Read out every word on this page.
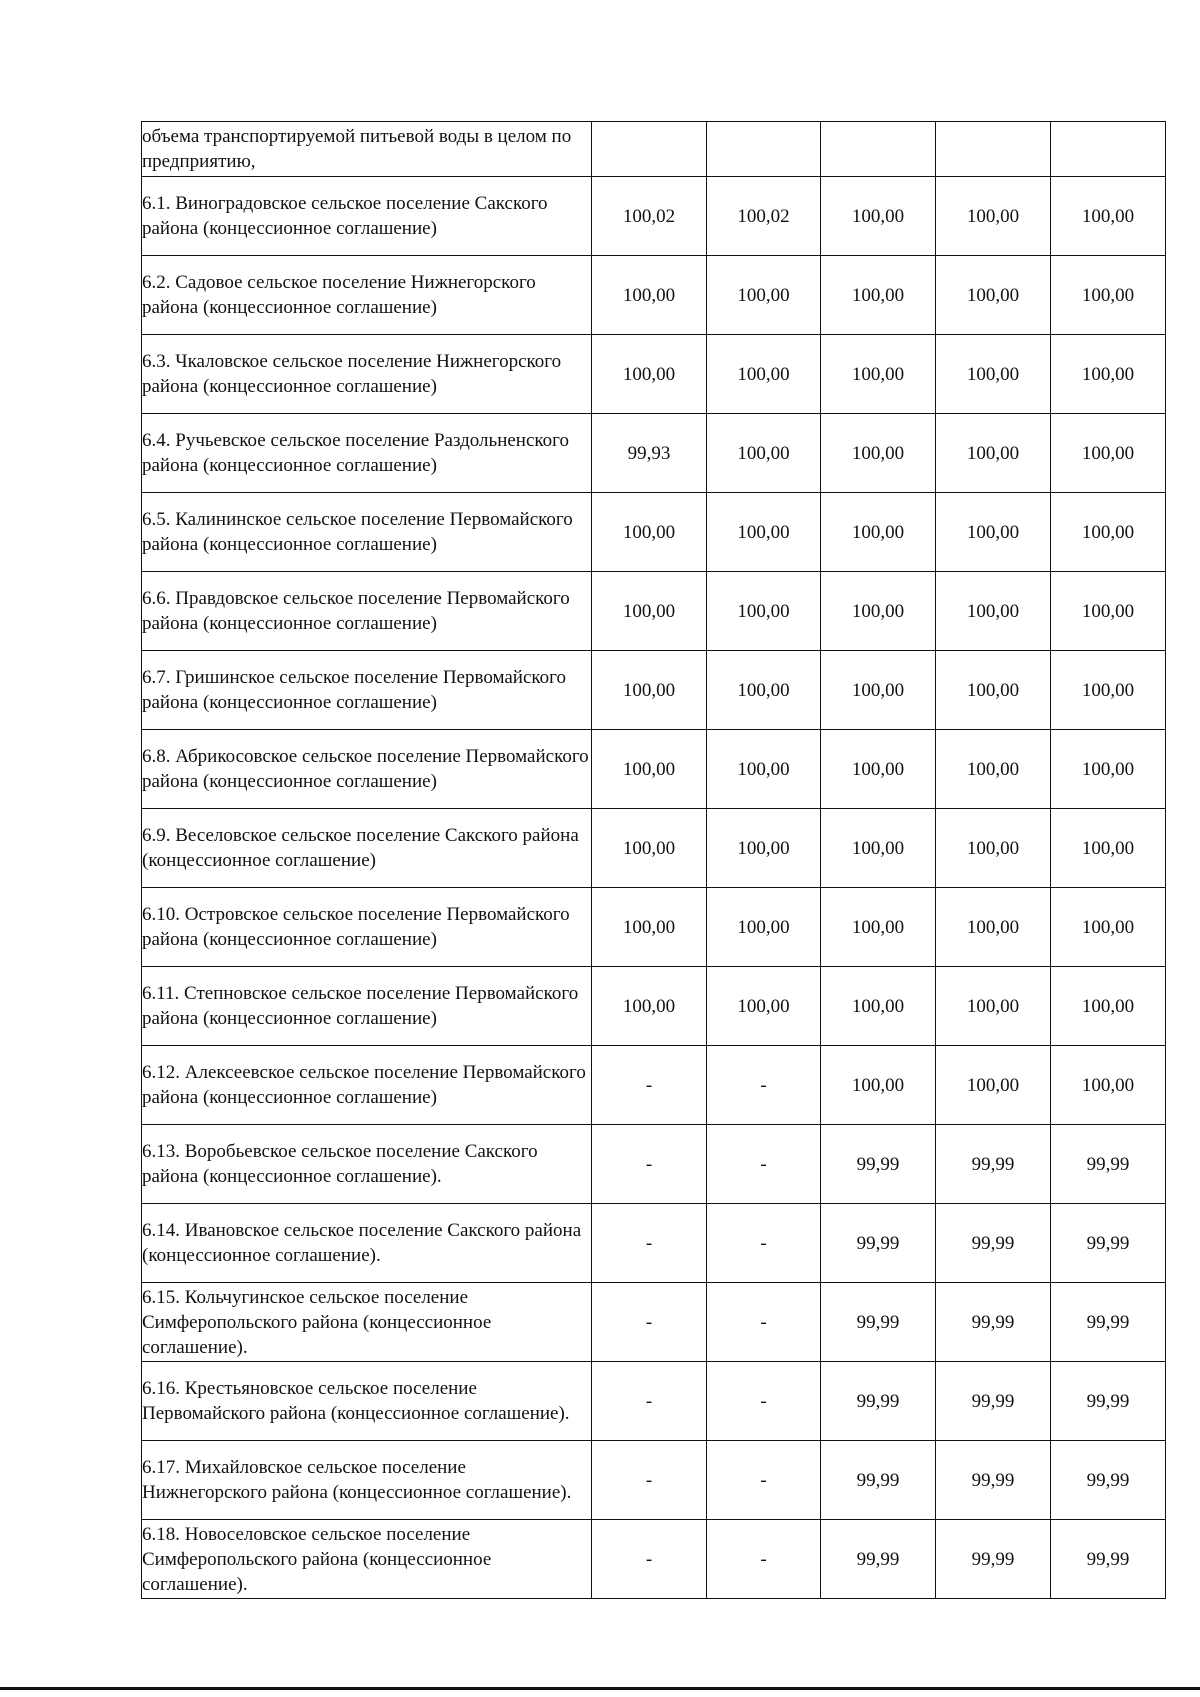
объема транспортируемой питьевой воды в целом по предприятию,					
6.1. Виноградовское сельское поселение Сакского района (концессионное соглашение)	100,02	100,02	100,00	100,00	100,00
6.2. Садовое сельское поселение Нижнегорского района (концессионное соглашение)	100,00	100,00	100,00	100,00	100,00
6.3. Чкаловское сельское поселение Нижнегорского района (концессионное соглашение)	100,00	100,00	100,00	100,00	100,00
6.4. Ручьевское сельское поселение Раздольненского района (концессионное соглашение)	99,93	100,00	100,00	100,00	100,00
6.5. Калининское сельское поселение Первомайского района (концессионное соглашение)	100,00	100,00	100,00	100,00	100,00
6.6. Правдовское сельское поселение Первомайского района (концессионное соглашение)	100,00	100,00	100,00	100,00	100,00
6.7. Гришинское сельское поселение Первомайского района (концессионное соглашение)	100,00	100,00	100,00	100,00	100,00
6.8. Абрикосовское сельское поселение Первомайского района (концессионное соглашение)	100,00	100,00	100,00	100,00	100,00
6.9. Веселовское сельское поселение Сакского района (концессионное соглашение)	100,00	100,00	100,00	100,00	100,00
6.10. Островское сельское поселение Первомайского района (концессионное соглашение)	100,00	100,00	100,00	100,00	100,00
6.11. Степновское сельское поселение Первомайского района (концессионное соглашение)	100,00	100,00	100,00	100,00	100,00
6.12. Алексеевское сельское поселение Первомайского района (концессионное соглашение)	-	-	100,00	100,00	100,00
6.13. Воробьевское сельское поселение Сакского района (концессионное соглашение).	-	-	99,99	99,99	99,99
6.14. Ивановское сельское поселение Сакского района (концессионное соглашение).	-	-	99,99	99,99	99,99
6.15. Кольчугинское сельское поселение Симферопольского района (концессионное соглашение).	-	-	99,99	99,99	99,99
6.16. Крестьяновское сельское поселение Первомайского района (концессионное соглашение).	-	-	99,99	99,99	99,99
6.17. Михайловское сельское поселение Нижнегорского района (концессионное соглашение).	-	-	99,99	99,99	99,99
6.18. Новоселовское сельское поселение Симферопольского района (концессионное соглашение).	-	-	99,99	99,99	99,99
